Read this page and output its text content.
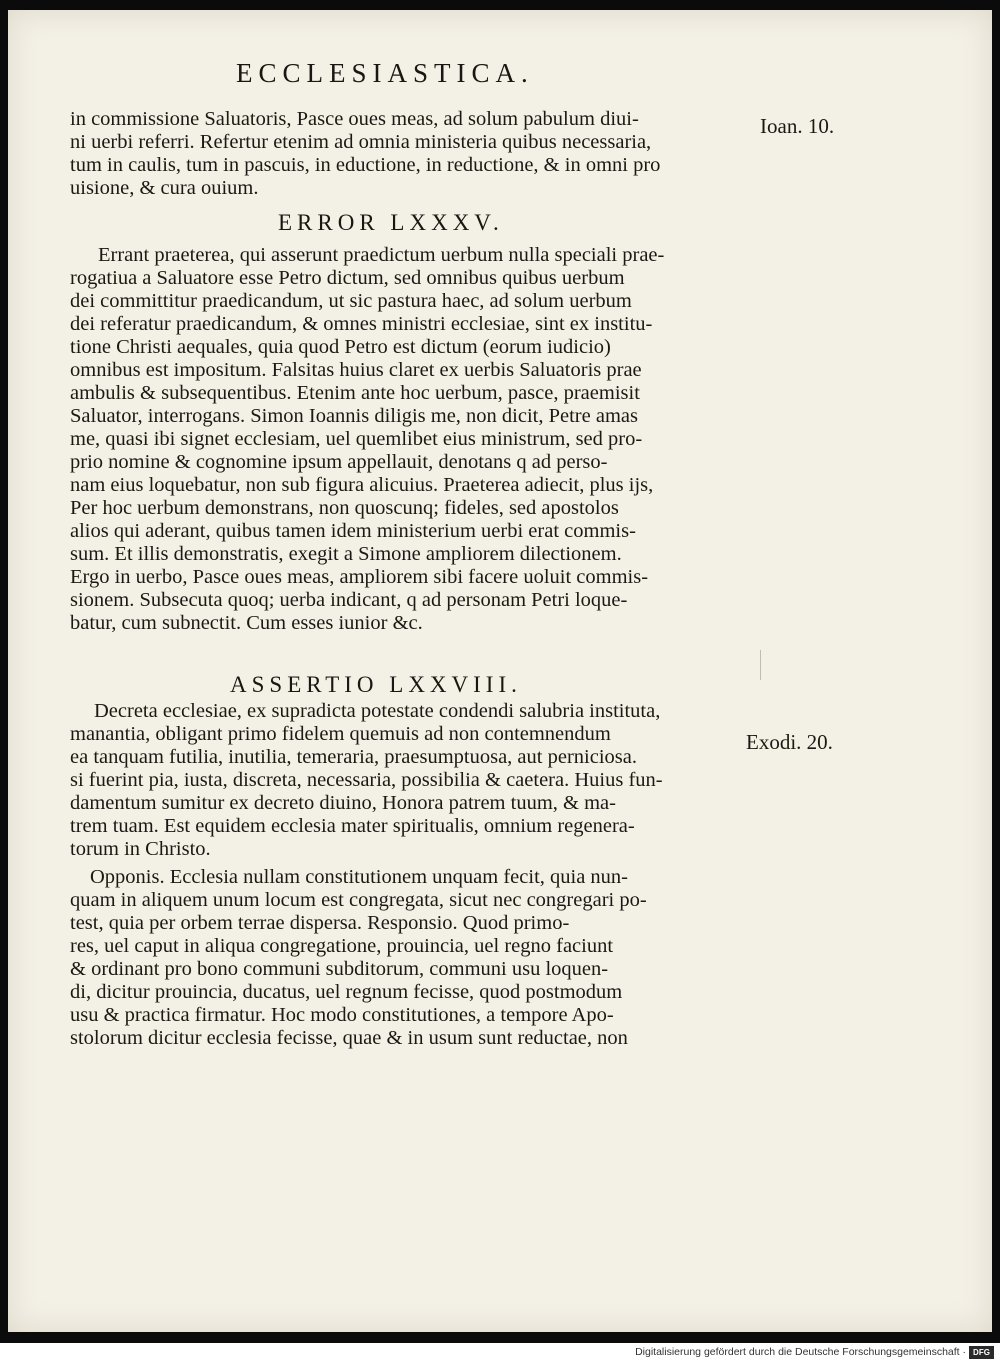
ECCLESIASTICA.
in commissione Saluatoris, Pasce oues meas, ad solum pabulum diui-
ni uerbi referri. Refertur etenim ad omnia ministeria quibus necessaria,
tum in caulis, tum in pascuis, in eductione, in reductione, & in omni pro
uisione, & cura ouium.
Ioan. 10.
ERROR LXXXV.
Errant praeterea, qui asserunt praedictum uerbum nulla speciali prae-
rogatiua a Saluatore esse Petro dictum, sed omnibus quibus uerbum
dei committitur praedicandum, ut sic pastura haec, ad solum uerbum
dei referatur praedicandum, & omnes ministri ecclesiae, sint ex institu-
tione Christi aequales, quia quod Petro est dictum (eorum iudicio)
omnibus est impositum. Falsitas huius claret ex uerbis Saluatoris prae
ambulis & subsequentibus. Etenim ante hoc uerbum, pasce, praemisit
Saluator, interrogans. Simon Ioannis diligis me, non dicit, Petre amas
me, quasi ibi signet ecclesiam, uel quemlibet eius ministrum, sed pro-
prio nomine & cognomine ipsum appellauit, denotans q ad perso-
nam eius loquebatur, non sub figura alicuius. Praeterea adiecit, plus ijs,
Per hoc uerbum demonstrans, non quoscunq; fideles, sed apostolos
alios qui aderant, quibus tamen idem ministerium uerbi erat commis-
sum. Et illis demonstratis, exegit a Simone ampliorem dilectionem.
Ergo in uerbo, Pasce oues meas, ampliorem sibi facere uoluit commis-
sionem. Subsecuta quoq; uerba indicant, q ad personam Petri loque-
batur, cum subnectit. Cum esses iunior &c.
ASSERTIO LXXVIII.
Decreta ecclesiae, ex supradicta potestate condendi salubria instituta,
manantia, obligant primo fidelem quemuis ad non contemnendum
ea tanquam futilia, inutilia, temeraria, praesumptuosa, aut perniciosa.
si fuerint pia, iusta, discreta, necessaria, possibilia & caetera. Huius fun-
damentum sumitur ex decreto diuino, Honora patrem tuum, & ma-
trem tuam. Est equidem ecclesia mater spiritualis, omnium regenera-
torum in Christo.
Exodi. 20.
Opponis. Ecclesia nullam constitutionem unquam fecit, quia nun-
quam in aliquem unum locum est congregata, sicut nec congregari po-
test, quia per orbem terrae dispersa. Responsio. Quod primo-
res, uel caput in aliqua congregatione, prouincia, uel regno faciunt
& ordinant pro bono communi subditorum, communi usu loquen-
di, dicitur prouincia, ducatus, uel regnum fecisse, quod postmodum
usu & practica firmatur. Hoc modo constitutiones, a tempore Apo-
stolorum dicitur ecclesia fecisse, quae & in usum sunt reductae, non
Digitalisierung gefördert durch die Deutsche Forschungsgemeinschaft · DFG
